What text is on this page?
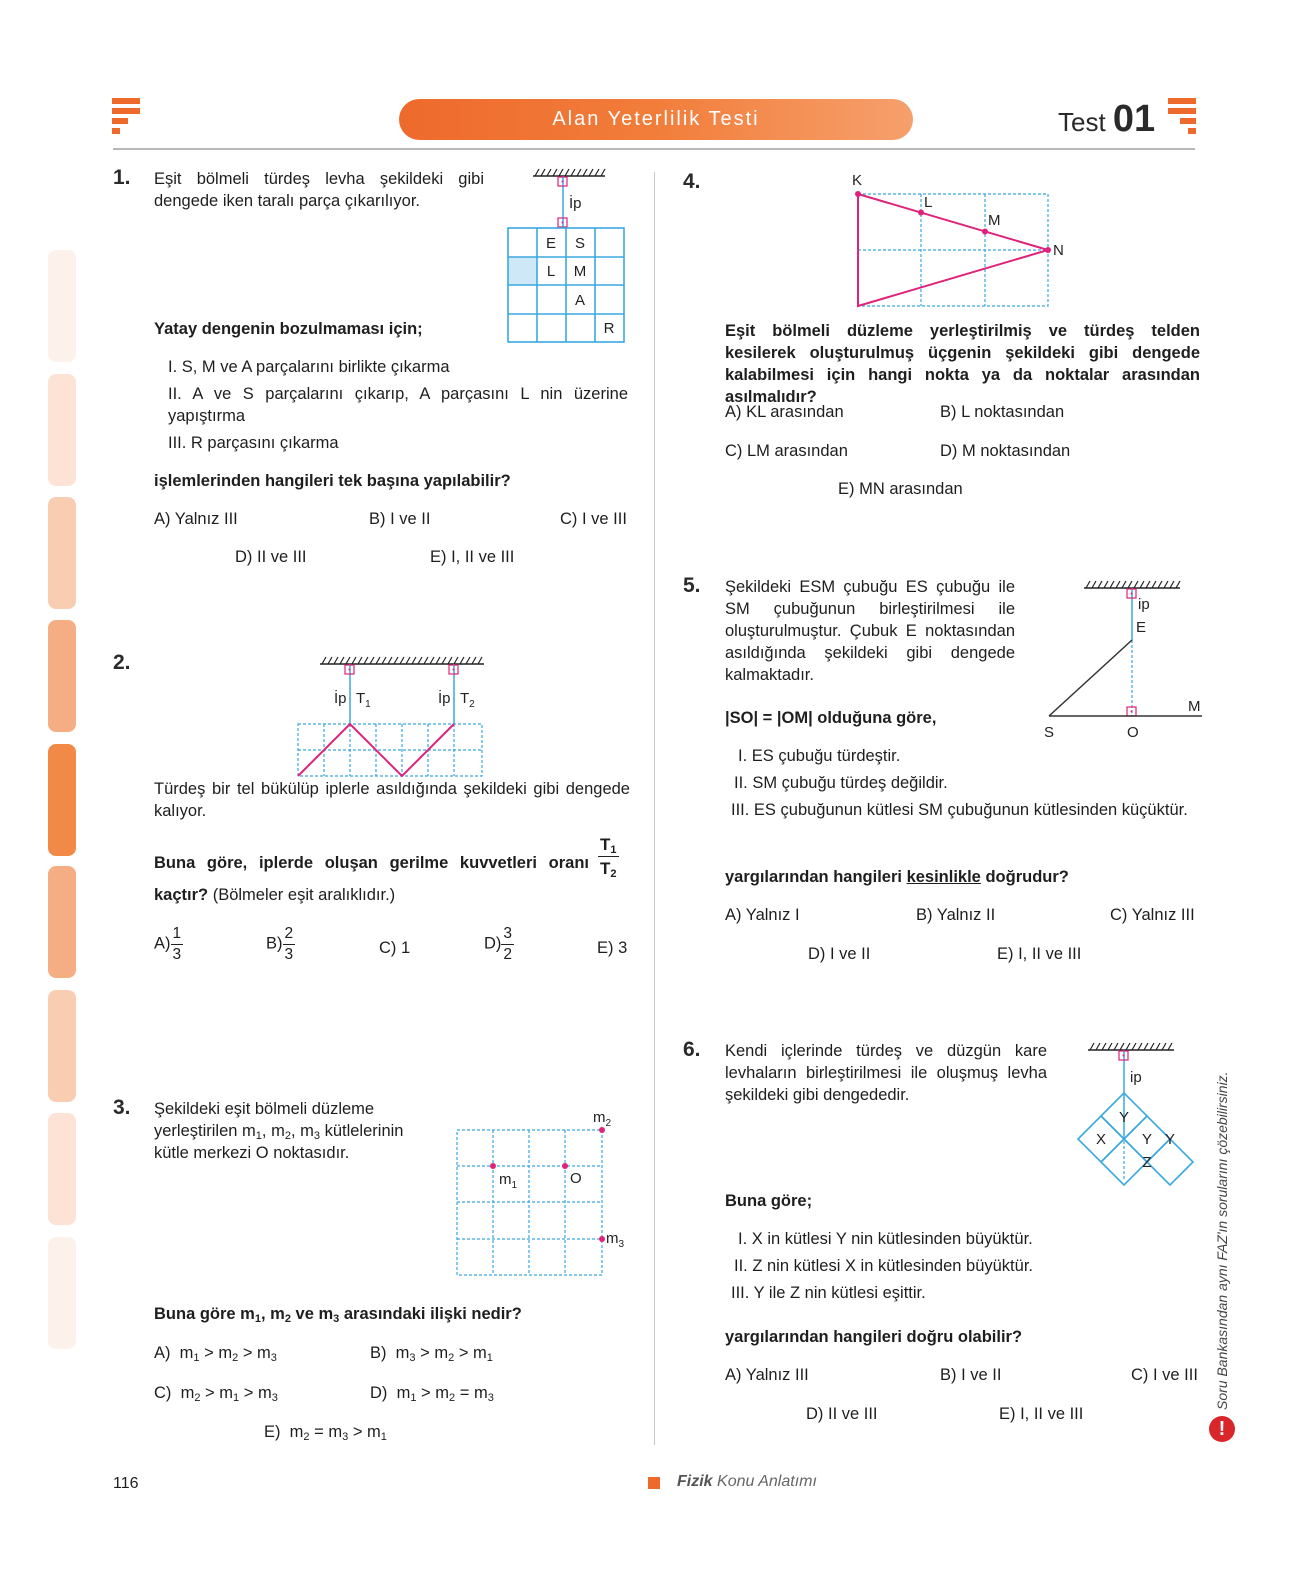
Alan Yeterlilik Testi	Test 01
1. Eşit bölmeli türdeş levha şekildeki gibi dengede iken taralı parça çıkarılıyor.	İp
E S
L M
A
R
Yatay dengenin bozulmaması için;
I. S, M ve A parçalarını birlikte çıkarma
II. A ve S parçalarını çıkarıp, A parçasını L nin üzerine yapıştırma
III. R parçasını çıkarma
işlemlerinden hangileri tek başına yapılabilir?
A) Yalnız III	B) I ve II	C) I ve III
D) II ve III	E) I, II ve III
2.
İp $T_1$	İp $T_2$
Türdeş bir tel bükülüp iplerle asıldığında şekildeki gibi dengede kalıyor.
Buna göre, iplerde oluşan gerilme kuvvetleri oranı
$T_1$
$T_2$
kaçtır? (Bölmeler eşit aralıklıdır.)
$A) \frac{1}{3}$	$B) \frac{2}{3}$	C) 1	$D) \frac{3}{2}$	E) 3
3. Şekildeki eşit bölmeli düzleme
yerleştirilen $m_1$, $m_2$, $m_3$ kütlelerinin
kütle merkezi O noktasıdır.
$m_2$
$m_1$	O
$m_3$
Buna göre $m_1$, $m_2$ ve $m_3$ arasındaki ilişki nedir?
A)  $m_1 > m_2 > m_3$	B)  $m_3 > m_2 > m_1$
C)  $m_2 > m_1 > m_3$	D)  $m_1 > m_2 = m_3$
E)  $m_2 = m_3 > m_1$
4.	K
L
M
N
Eşit bölmeli düzleme yerleştirilmiş ve türdeş telden kesilerek oluşturulmuş üçgenin şekildeki gibi dengede kalabilmesi için hangi nokta ya da noktalar arasından asılmalıdır?
A) KL arasından	B) L noktasından
C) LM arasından	D) M noktasından
E) MN arasından
5. Şekildeki ESM çubuğu ES çubuğu ile SM çubuğunun birleştirilmesi ile oluşturulmuştur. Çubuk E noktasından asıldığında şekildeki gibi dengede kalmaktadır.
ip
E
S	O
M
|SO| = |OM| olduğuna göre,
I. ES çubuğu türdeştir.
II. SM çubuğu türdeş değildir.
III. ES çubuğunun kütlesi SM çubuğunun kütlesinden küçüktür.
yargılarından hangileri kesinlikle doğrudur?
A) Yalnız I	B) Yalnız II	C) Yalnız III
D) I ve II	E) I, II ve III
6. Kendi içlerinde türdeş ve düzgün kare levhaların birleştirilmesi ile oluşmuş levha şekildeki gibi dengededir.
Y
X Y Y
Z
ip
Buna göre;
I. X in kütlesi Y nin kütlesinden büyüktür.
II. Z nin kütlesi X in kütlesinden büyüktür.
III. Y ile Z nin kütlesi eşittir.
yargılarından hangileri doğru olabilir?
A) Yalnız III	B) I ve II	C) I ve III
D) II ve III	E) I, II ve III
Soru Bankasından aynı FAZ'ın sorularını çözebilirsiniz.
!
116	Fizik Konu Anlatımı
